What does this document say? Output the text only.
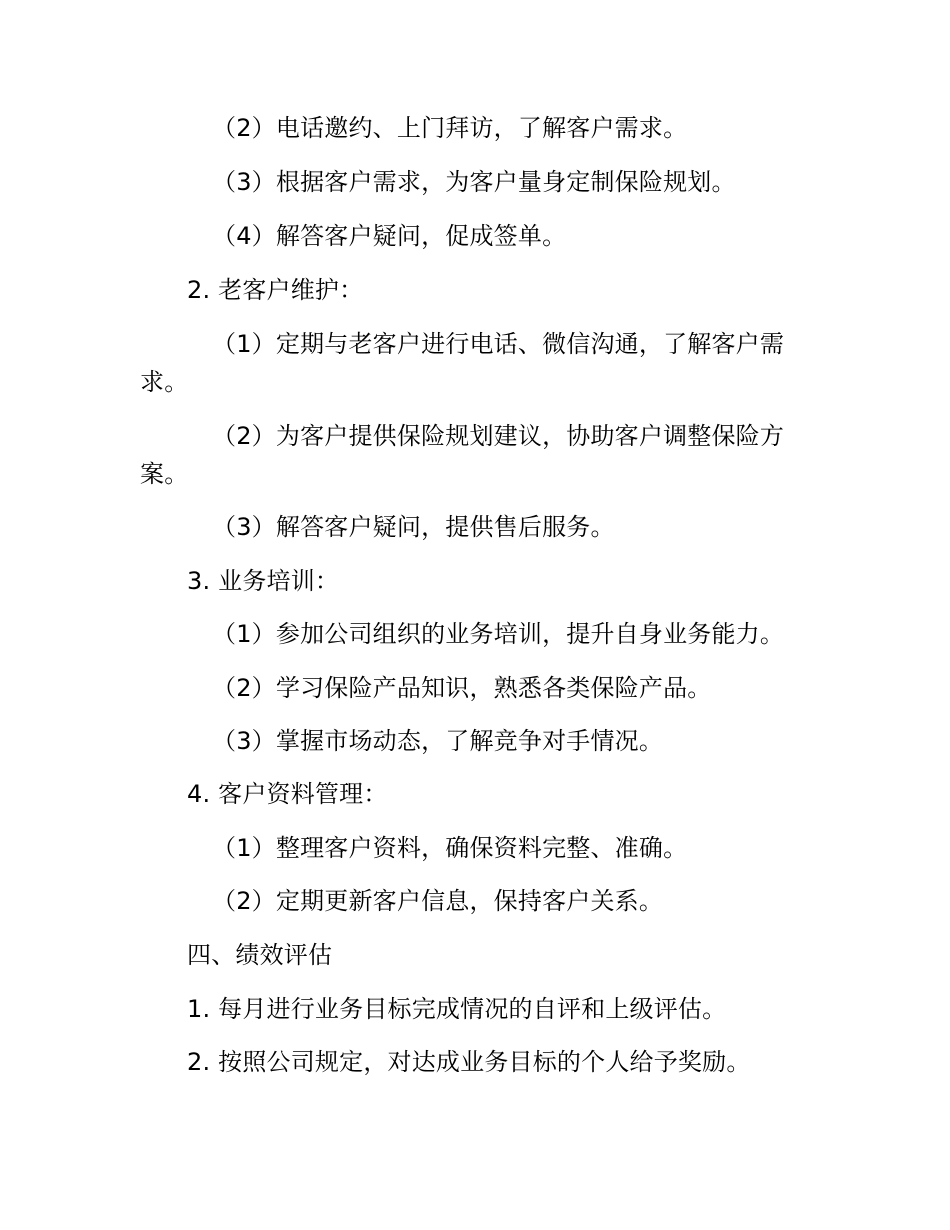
（2）电话邀约、上门拜访，了解客户需求。
（3）根据客户需求，为客户量身定制保险规划。
（4）解答客户疑问，促成签单。
2. 老客户维护：
（1）定期与老客户进行电话、微信沟通，了解客户需
求。
（2）为客户提供保险规划建议，协助客户调整保险方
案。
（3）解答客户疑问，提供售后服务。
3. 业务培训：
（1）参加公司组织的业务培训，提升自身业务能力。
（2）学习保险产品知识，熟悉各类保险产品。
（3）掌握市场动态，了解竞争对手情况。
4. 客户资料管理：
（1）整理客户资料，确保资料完整、准确。
（2）定期更新客户信息，保持客户关系。
四、绩效评估
1. 每月进行业务目标完成情况的自评和上级评估。
2. 按照公司规定，对达成业务目标的个人给予奖励。
